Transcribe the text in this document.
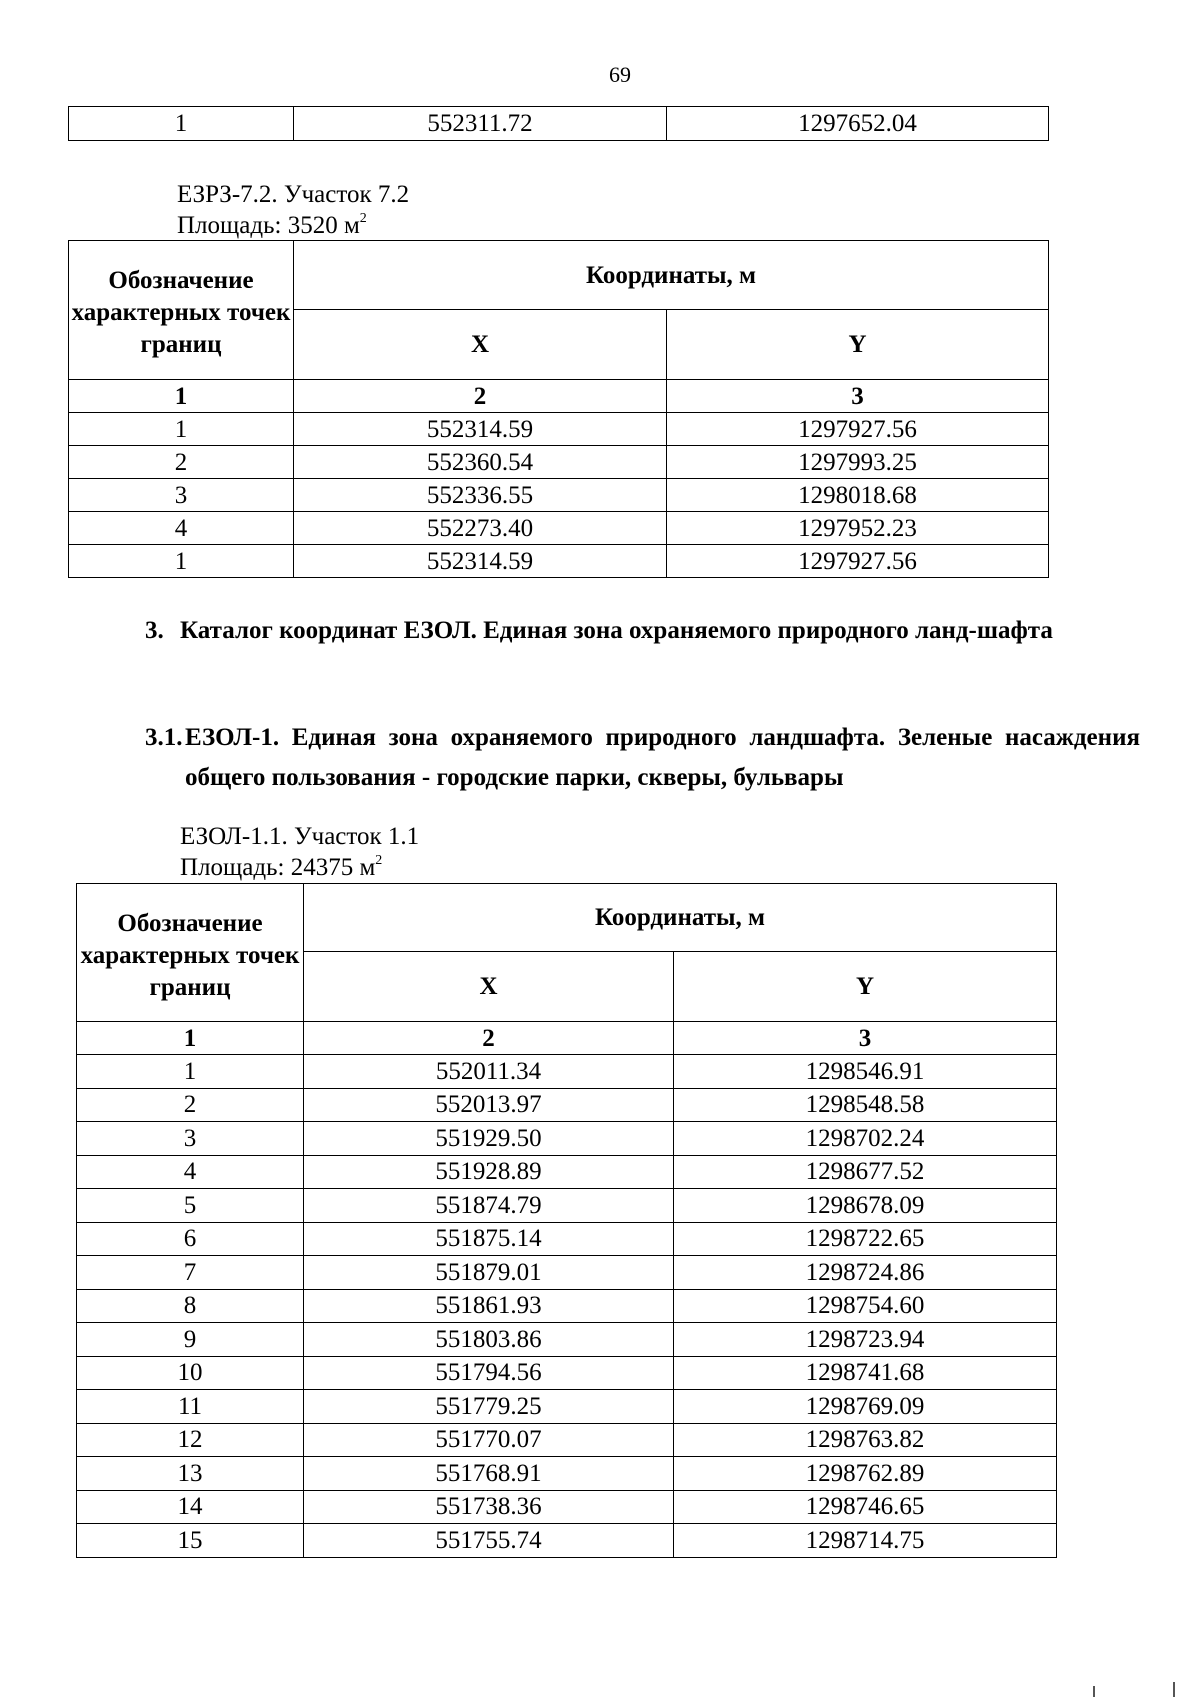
69
1	552311.72	1297652.04
ЕЗРЗ-7.2. Участок 7.2
Площадь: 3520 $м^2$
Обозначение характерных точек границ	Координаты, м	
	X	Y
1	2	3
1	552314.59	1297927.56
2	552360.54	1297993.25
3	552336.55	1298018.68
4	552273.40	1297952.23
1	552314.59	1297927.56
3. Каталог координат ЕЗОЛ. Единая зона охраняемого природного ланд-шафта
3.1. ЕЗОЛ-1. Единая зона охраняемого природного ландшафта. Зеленые насаждения общего пользования - городские парки, скверы, бульвары
ЕЗОЛ-1.1. Участок 1.1
Площадь: 24375 $м^2$
Обозначение характерных точек границ	Координаты, м	
	X	Y
1	2	3
1	552011.34	1298546.91
2	552013.97	1298548.58
3	551929.50	1298702.24
4	551928.89	1298677.52
5	551874.79	1298678.09
6	551875.14	1298722.65
7	551879.01	1298724.86
8	551861.93	1298754.60
9	551803.86	1298723.94
10	551794.56	1298741.68
11	551779.25	1298769.09
12	551770.07	1298763.82
13	551768.91	1298762.89
14	551738.36	1298746.65
15	551755.74	1298714.75
